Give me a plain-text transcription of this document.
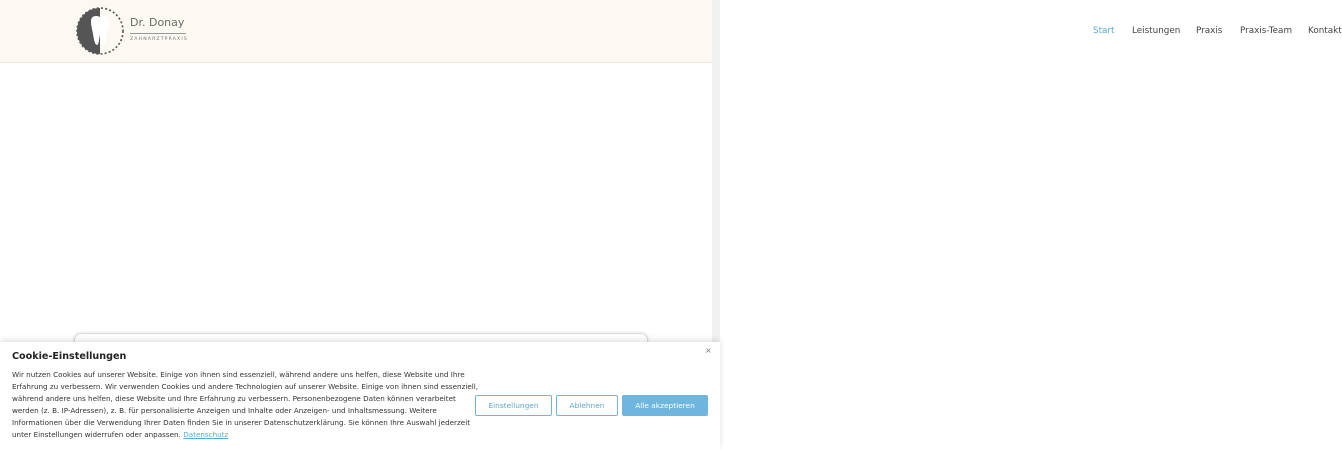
Dr. Donay
ZAHNARZTPRAXIS
Start Leistungen Praxis Praxis-Team Kontakt
Cookie-Einstellungen
×
Wir nutzen Cookies auf unserer Website. Einige von ihnen sind essenziell, während andere uns helfen, diese Website und Ihre Erfahrung zu verbessern. Wir verwenden Cookies und andere Technologien auf unserer Website. Einige von ihnen sind essenziell, während andere uns helfen, diese Website und Ihre Erfahrung zu verbessern. Personenbezogene Daten können verarbeitet werden (z. B. IP-Adressen), z. B. für personalisierte Anzeigen und Inhalte oder Anzeigen- und Inhaltsmessung. Weitere Informationen über die Verwendung Ihrer Daten finden Sie in unserer Datenschutzerklärung. Sie können Ihre Auswahl jederzeit unter Einstellungen widerrufen oder anpassen. Datenschutz
Einstellungen	Ablehnen	Alle akzeptieren
